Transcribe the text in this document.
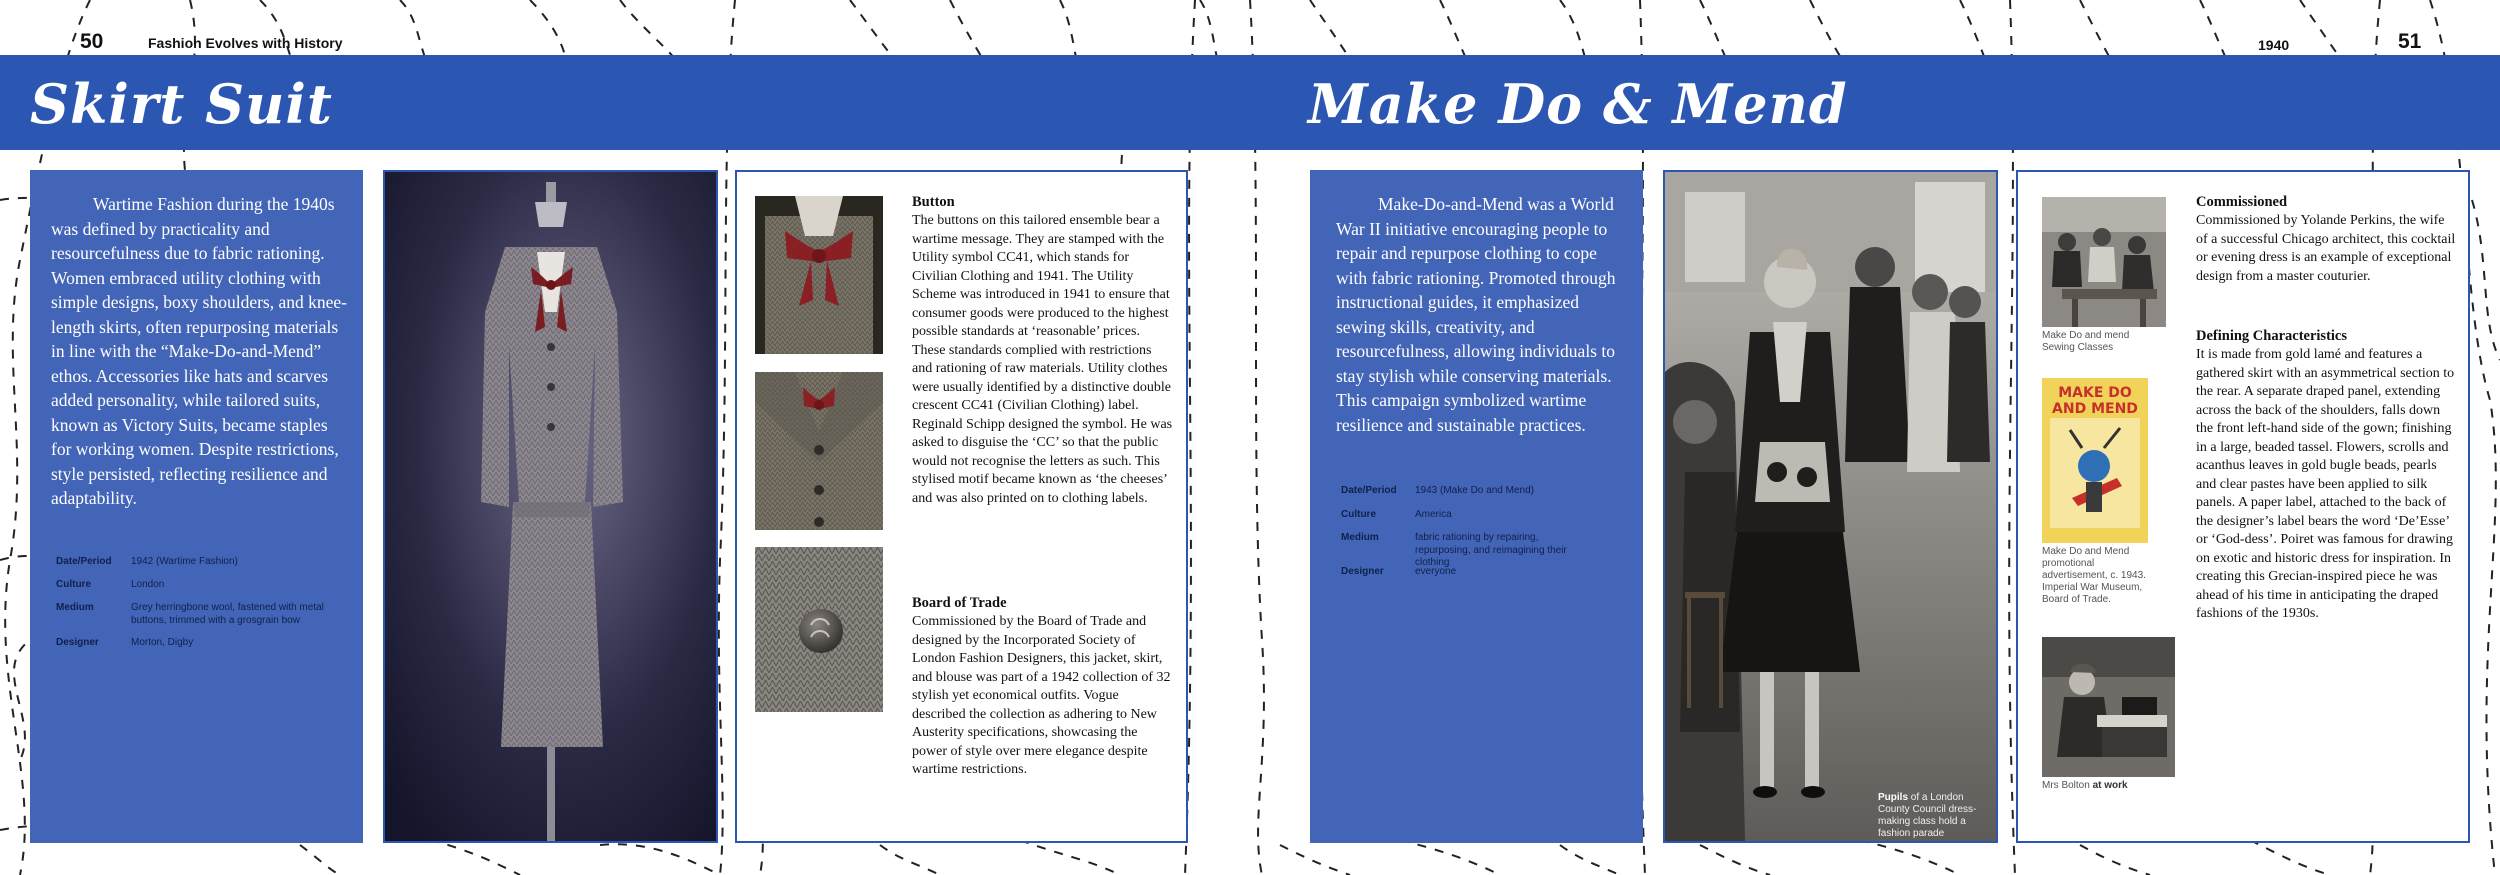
50	Fashion Evolves with History	1940	51
Skirt Suit	Make Do & Mend

Wartime Fashion during the 1940s was defined by practicality and resourcefulness due to fabric rationing. Women embraced utility clothing with simple designs, boxy shoulders, and knee-length skirts, often repurposing materials in line with the “Make-Do-and-Mend” ethos. Accessories like hats and scarves added personality, while tailored suits, known as Victory Suits, became staples for working women. Despite restrictions, style persisted, reflecting resilience and adaptability.

Date/Period 1942 (Wartime Fashion)
Culture	London
Medium	Grey herringbone wool, fastened with metal buttons, trimmed with a grosgrain bow
Designer	Morton, Digby
Button

The buttons on this tailored ensemble bear a wartime message. They are stamped with the Utility symbol CC41, which stands for Civilian Clothing and 1941. The Utility Scheme was introduced in 1941 to ensure that consumer goods were produced to the highest possible standards at ‘reasonable’ prices. These standards complied with restrictions and rationing of raw materials. Utility clothes were usually identified by a distinctive double crescent CC41 (Civilian Clothing) label. Reginald Schipp designed the symbol. He was asked to disguise the ‘CC’ so that the public would not recognise the letters as such. This stylised motif became known as ‘the cheeses’ and was also printed on to clothing labels.

Board of Trade

Commissioned by the Board of Trade and designed by the Incorporated Society of London Fashion Designers, this jacket, skirt, and blouse was part of a 1942 collection of 32 stylish yet economical outfits. Vogue described the collection as adhering to New Austerity specifications, showcasing the power of style over mere elegance despite wartime restrictions.

Make-Do-and-Mend was a World War II initiative encouraging people to repair and repurpose clothing to cope with fabric rationing. Promoted through instructional guides, it emphasized sewing skills, creativity, and resourcefulness, allowing individuals to stay stylish while conserving materials. This campaign symbolized wartime resilience and sustainable practices.

Date/Period 1943 (Make Do and Mend)
Culture	America
Medium	fabric rationing by repairing, repurposing, and reimagining their clothing
Designer	everyone
Pupils of a London County Council dress-making class hold a fashion parade
Make Do and mend Sewing Classes
MAKE DO
AND MEND
Make Do and Mend promotional advertisement, c. 1943. Imperial War Museum, Board of Trade.
Mrs Bolton at work
Commissioned

Commissioned by Yolande Perkins, the wife of a successful Chicago architect, this cocktail or evening dress is an example of exceptional design from a master couturier.

Defining Characteristics

It is made from gold lamé and features a gathered skirt with an asymmetrical section to the rear. A separate draped panel, extending across the back of the shoulders, falls down the front left-hand side of the gown; finishing in a large, beaded tassel. Flowers, scrolls and acanthus leaves in gold bugle beads, pearls and clear pastes have been applied to silk panels. A paper label, attached to the back of the designer’s label bears the word ‘De’Esse’ or ‘God-dess’. Poiret was famous for drawing on exotic and historic dress for inspiration. In creating this Grecian-inspired piece he was ahead of his time in anticipating the draped fashions of the 1930s.
